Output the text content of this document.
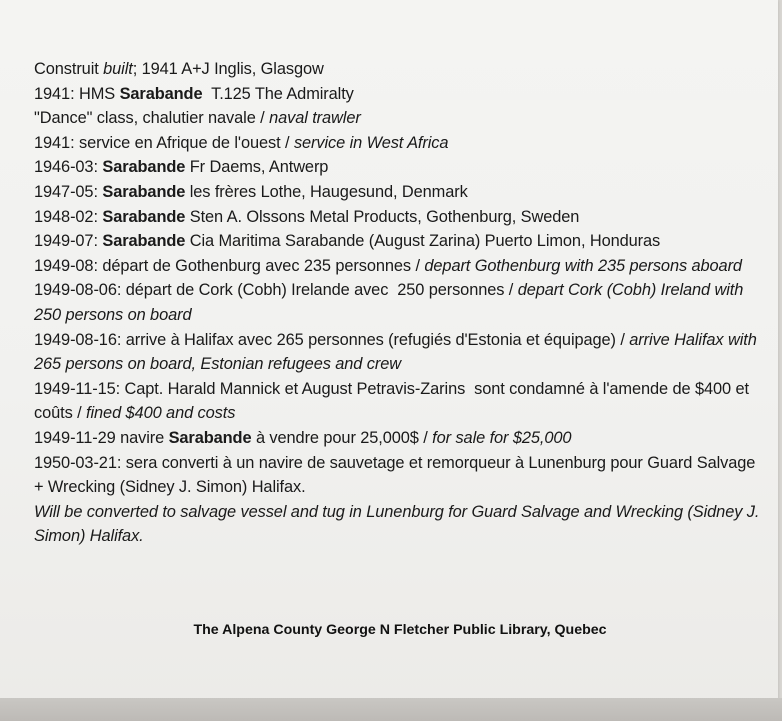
Construit built; 1941 A+J Inglis, Glasgow

1941: HMS Sarabande  T.125 The Admiralty

"Dance" class, chalutier navale / naval trawler

1941: service en Afrique de l'ouest / service in West Africa

1946-03: Sarabande Fr Daems, Antwerp

1947-05: Sarabande les frères Lothe, Haugesund, Denmark

1948-02: Sarabande Sten A. Olssons Metal Products, Gothenburg, Sweden

1949-07: Sarabande Cia Maritima Sarabande (August Zarina) Puerto Limon, Honduras

1949-08: départ de Gothenburg avec 235 personnes / depart Gothenburg with 235 persons aboard

1949-08-06: départ de Cork (Cobh) Irelande avec  250 personnes / depart Cork (Cobh) Ireland with 250 persons on board

1949-08-16: arrive à Halifax avec 265 personnes (refugiés d'Estonia et équipage) / arrive Halifax with 265 persons on board, Estonian refugees and crew

1949-11-15: Capt. Harald Mannick et August Petravis-Zarins  sont condamné à l'amende de $400 et coûts / fined $400 and costs

1949-11-29 navire Sarabande à vendre pour 25,000$ / for sale for $25,000

1950-03-21: sera converti à un navire de sauvetage et remorqueur à Lunenburg pour Guard Salvage + Wrecking (Sidney J. Simon) Halifax.

Will be converted to salvage vessel and tug in Lunenburg for Guard Salvage and Wrecking (Sidney J.  Simon) Halifax.

The Alpena County George N Fletcher Public Library, Quebec
